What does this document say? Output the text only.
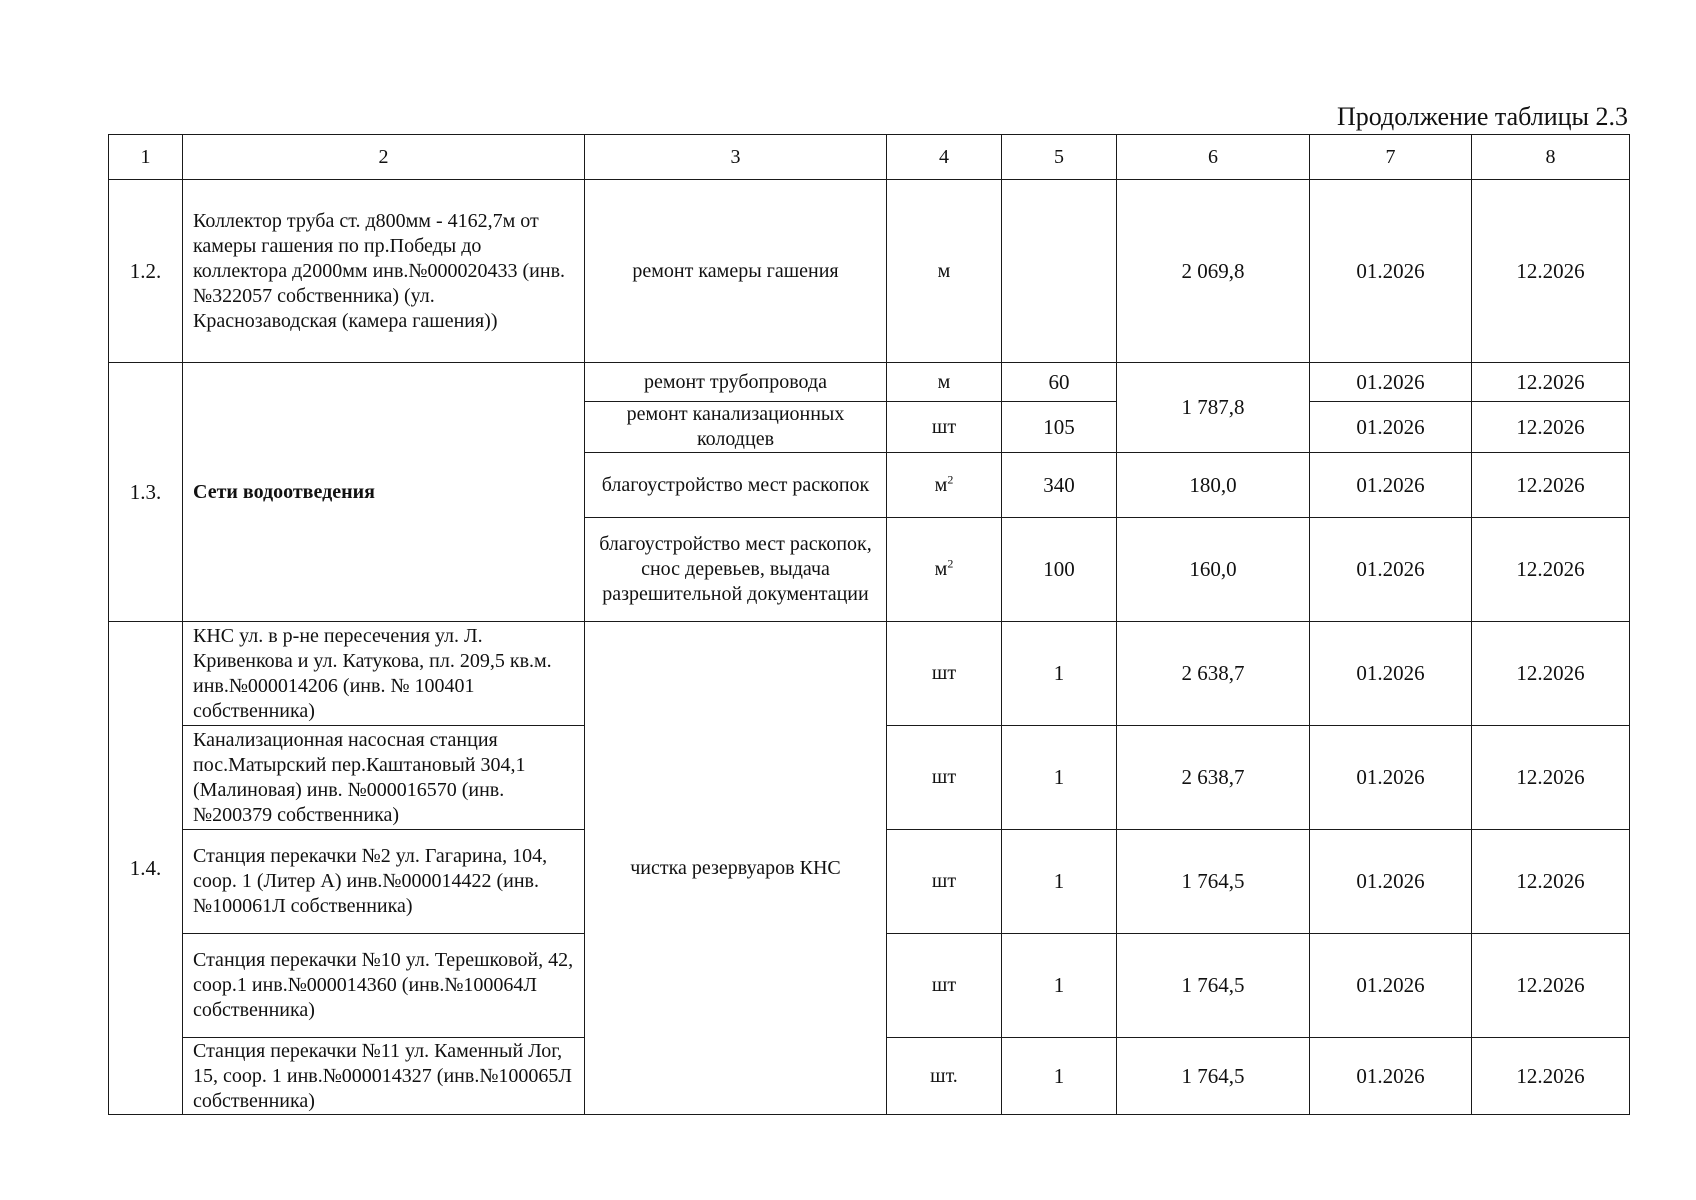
Продолжение таблицы 2.3
1	2	3	4	5	6	7	8
1.2.	Коллектор труба ст. д800мм - 4162,7м от камеры гашения по пр.Победы до коллектора д2000мм инв.№000020433 (инв.№322057 собственника) (ул. Краснозаводская (камера гашения))	ремонт камеры гашения	м		2 069,8	01.2026	12.2026
1.3.	Сети водоотведения	ремонт трубопровода	м	60	1 787,8	01.2026	12.2026
		ремонт канализационных колодцев	шт	105		01.2026	12.2026
		благоустройство мест раскопок	$м^2$	340	180,0	01.2026	12.2026
		благоустройство мест раскопок, снос деревьев, выдача разрешительной документации	$м^2$	100	160,0	01.2026	12.2026
1.4.	КНС ул. в р-не пересечения ул. Л. Кривенкова и ул. Катукова, пл. 209,5 кв.м. инв.№000014206 (инв. № 100401 собственника)	чистка резервуаров КНС	шт	1	2 638,7	01.2026	12.2026
	Канализационная насосная станция пос.Матырский пер.Каштановый 304,1 (Малиновая) инв. №000016570 (инв.№200379 собственника)		шт	1	2 638,7	01.2026	12.2026
	Станция перекачки №2 ул. Гагарина, 104, соор. 1 (Литер А) инв.№000014422 (инв.№100061Л собственника)		шт	1	1 764,5	01.2026	12.2026
	Станция перекачки №10 ул. Терешковой, 42, соор.1 инв.№000014360 (инв.№100064Л собственника)		шт	1	1 764,5	01.2026	12.2026
	Станция перекачки №11 ул. Каменный Лог, 15, соор. 1 инв.№000014327 (инв.№100065Л собственника)		шт.	1	1 764,5	01.2026	12.2026
